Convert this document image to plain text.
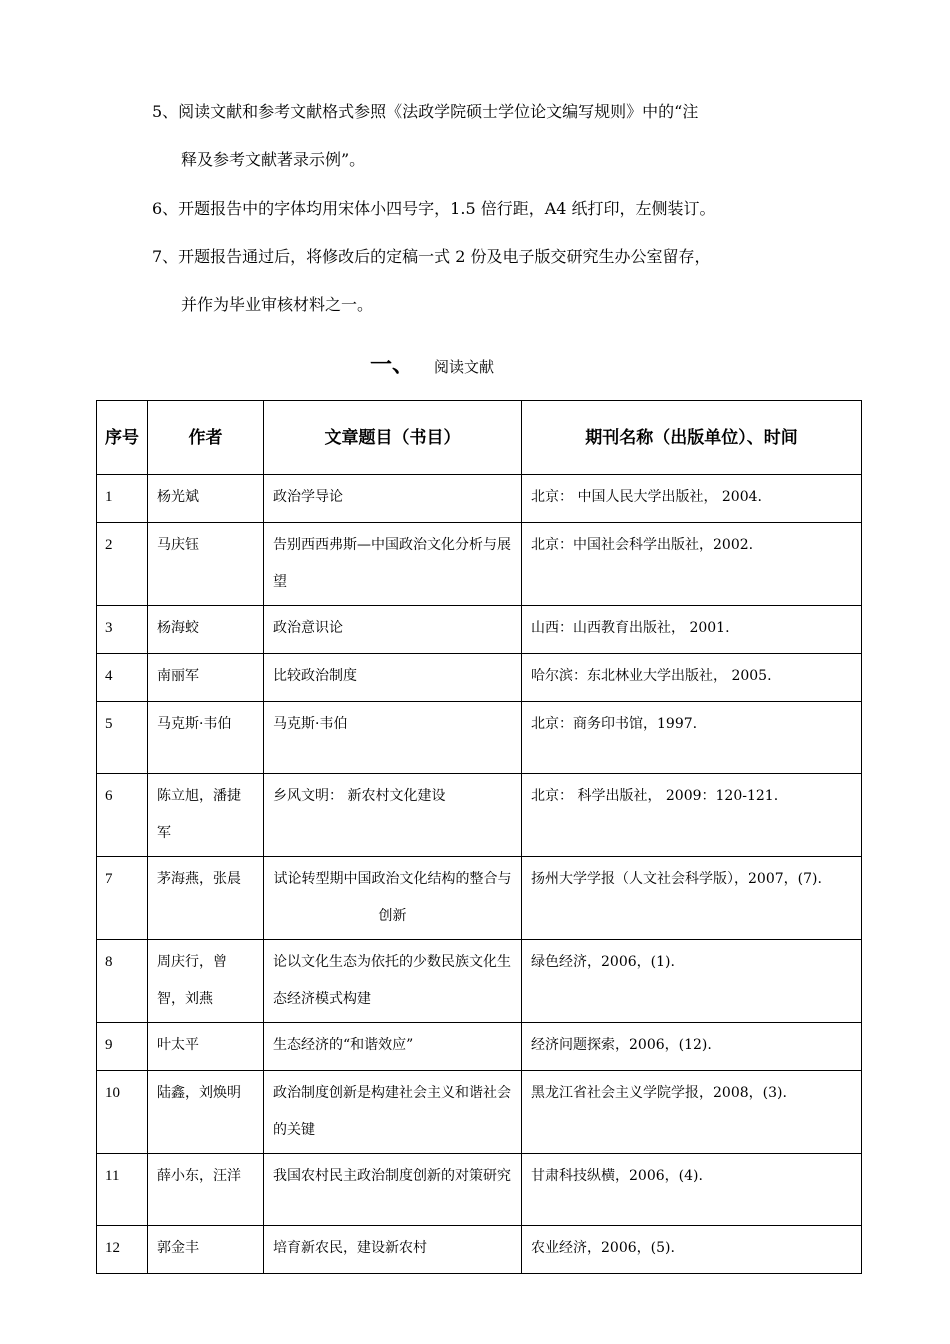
5、阅读文献和参考文献格式参照《法政学院硕士学位论文编写规则》中的“注
释及参考文献著录示例”。
6、开题报告中的字体均用宋体小四号字，1.5 倍行距，A4 纸打印，左侧装订。
7、开题报告通过后，将修改后的定稿一式 2 份及电子版交研究生办公室留存，
并作为毕业审核材料之一。
一、 阅读文献
序号	作者	文章题目（书目）	期刊名称（出版单位）、时间
1	杨光斌	政治学导论	北京： 中国人民大学出版社， 2004.
2	马庆钰	告别西西弗斯—中国政治文化分析与展望	北京：中国社会科学出版社，2002.
3	杨海蛟	政治意识论	山西：山西教育出版社， 2001.
4	南丽军	比较政治制度	哈尔滨：东北林业大学出版社， 2005.
5	马克斯·韦伯	马克斯·韦伯	北京：商务印书馆，1997.
6	陈立旭，潘捷军	乡风文明： 新农村文化建设	北京： 科学出版社， 2009：120-121.
7	茅海燕，张晨	试论转型期中国政治文化结构的整合与创新	扬州大学学报（人文社会科学版），2007，(7).
8	周庆行，曾智，刘燕	论以文化生态为依托的少数民族文化生态经济模式构建	绿色经济，2006，(1).
9	叶太平	生态经济的“和谐效应”	经济问题探索，2006，(12).
10	陆鑫，刘焕明	政治制度创新是构建社会主义和谐社会的关键	黑龙江省社会主义学院学报，2008，(3).
11	薛小东，汪洋	我国农村民主政治制度创新的对策研究	甘肃科技纵横，2006，(4).
12	郭金丰	培育新农民，建设新农村	农业经济，2006，(5).
